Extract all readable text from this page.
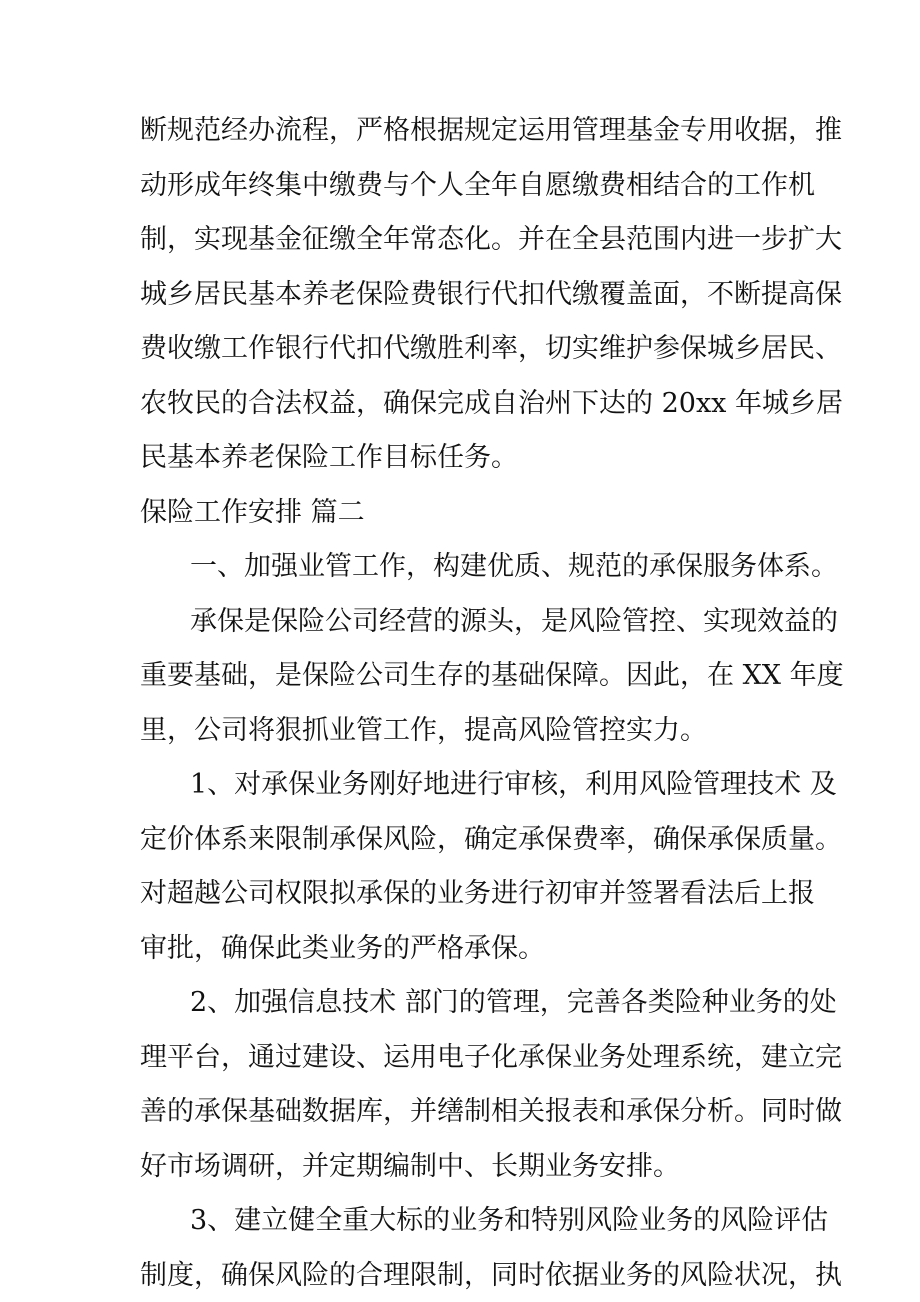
断规范经办流程，严格根据规定运用管理基金专用收据，推

动形成年终集中缴费与个人全年自愿缴费相结合的工作机

制，实现基金征缴全年常态化。并在全县范围内进一步扩大

城乡居民基本养老保险费银行代扣代缴覆盖面，不断提高保

费收缴工作银行代扣代缴胜利率，切实维护参保城乡居民、

农牧民的合法权益，确保完成自治州下达的 20xx 年城乡居

民基本养老保险工作目标任务。

保险工作安排 篇二

一、加强业管工作，构建优质、规范的承保服务体系。

承保是保险公司经营的源头，是风险管控、实现效益的

重要基础，是保险公司生存的基础保障。因此，在 XX 年度

里，公司将狠抓业管工作，提高风险管控实力。

1、对承保业务刚好地进行审核，利用风险管理技术 及

定价体系来限制承保风险，确定承保费率，确保承保质量。

对超越公司权限拟承保的业务进行初审并签署看法后上报

审批，确保此类业务的严格承保。

2、加强信息技术 部门的管理，完善各类险种业务的处

理平台，通过建设、运用电子化承保业务处理系统，建立完

善的承保基础数据库，并缮制相关报表和承保分析。同时做

好市场调研，并定期编制中、长期业务安排。

3、建立健全重大标的业务和特别风险业务的风险评估

制度，确保风险的合理限制，同时依据业务的风险状况，执
